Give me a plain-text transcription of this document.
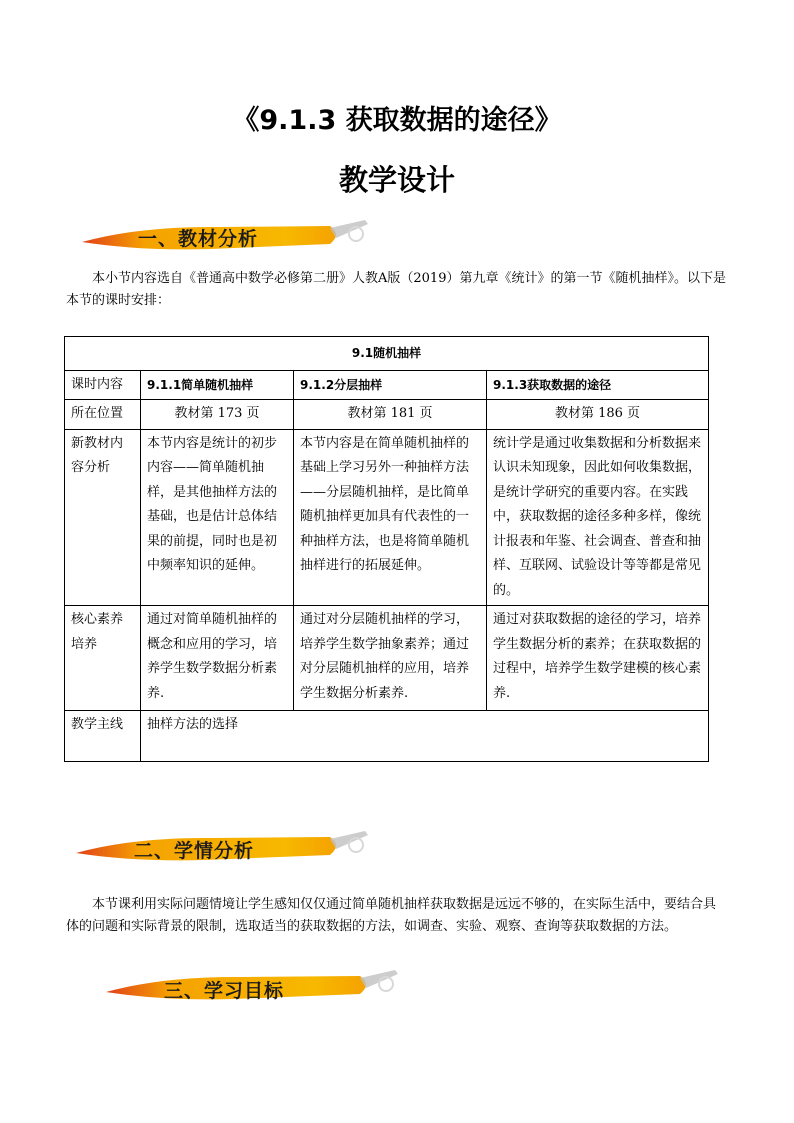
《9.1.3 获取数据的途径》
教学设计
一、教材分析
本小节内容选自《普通高中数学必修第二册》人教A版（2019）第九章《统计》的第一节《随机抽样》。以下是本节的课时安排：
9.1随机抽样			
课时内容	9.1.1简单随机抽样	9.1.2分层抽样	9.1.3获取数据的途径
所在位置	教材第 173 页	教材第 181 页	教材第 186 页
新教材内容分析	本节内容是统计的初步内容——简单随机抽样，是其他抽样方法的基础，也是估计总体结果的前提，同时也是初中频率知识的延伸。	本节内容是在简单随机抽样的基础上学习另外一种抽样方法——分层随机抽样，是比简单随机抽样更加具有代表性的一种抽样方法，也是将简单随机抽样进行的拓展延伸。	统计学是通过收集数据和分析数据来认识未知现象，因此如何收集数据，是统计学研究的重要内容。在实践中，获取数据的途径多种多样，像统计报表和年鉴、社会调查、普查和抽样、互联网、试验设计等等都是常见的。
核心素养培养	通过对简单随机抽样的概念和应用的学习，培养学生数学数据分析素养.	通过对分层随机抽样的学习，培养学生数学抽象素养；通过对分层随机抽样的应用，培养学生数据分析素养.	通过对获取数据的途径的学习，培养学生数据分析的素养；在获取数据的过程中，培养学生数学建模的核心素养.
教学主线	抽样方法的选择		
二、学情分析
本节课利用实际问题情境让学生感知仅仅通过简单随机抽样获取数据是远远不够的，在实际生活中，要结合具体的问题和实际背景的限制，选取适当的获取数据的方法，如调查、实验、观察、查询等获取数据的方法。
三、学习目标
